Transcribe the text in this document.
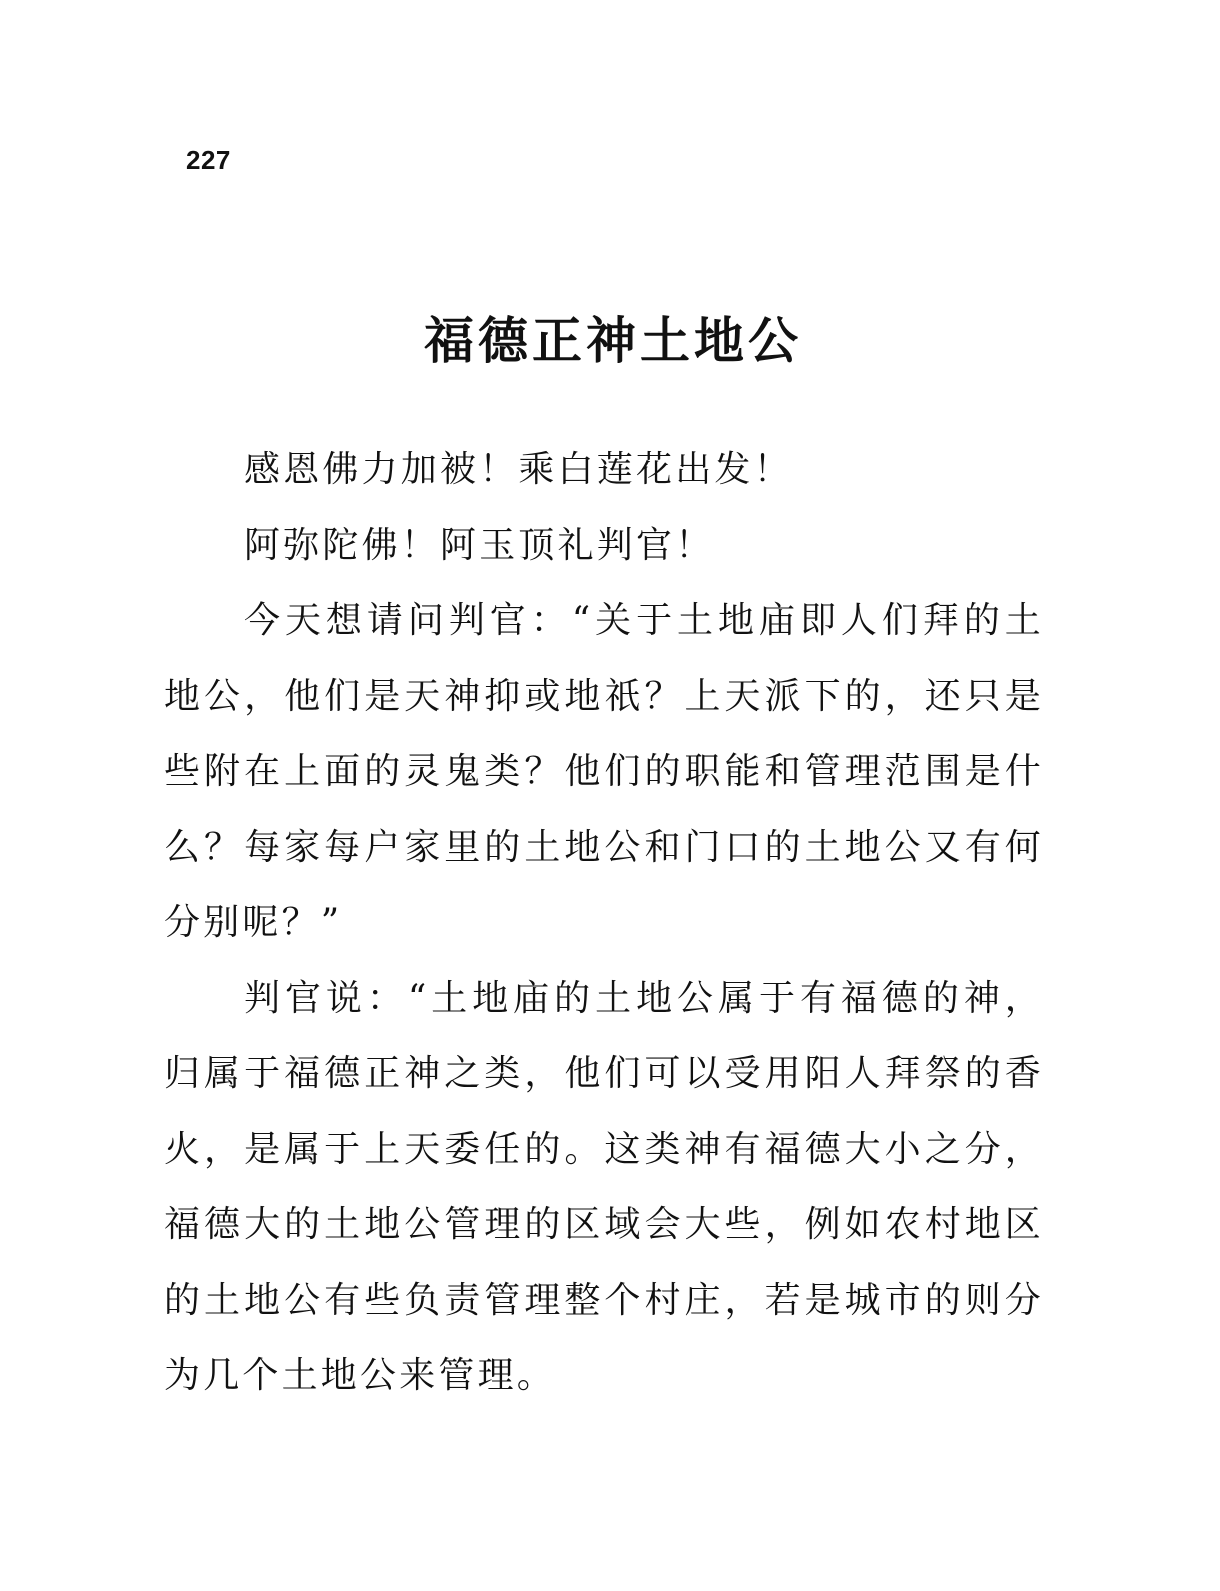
227
福德正神土地公

感恩佛力加被！乘白莲花出发！

阿弥陀佛！阿玉顶礼判官！

今天想请问判官：“关于土地庙即人们拜的土地公，他们是天神抑或地祇？上天派下的，还只是些附在上面的灵鬼类？他们的职能和管理范围是什么？每家每户家里的土地公和门口的土地公又有何分别呢？”

判官说：“土地庙的土地公属于有福德的神，归属于福德正神之类，他们可以受用阳人拜祭的香火，是属于上天委任的。这类神有福德大小之分，福德大的土地公管理的区域会大些，例如农村地区的土地公有些负责管理整个村庄，若是城市的则分为几个土地公来管理。
